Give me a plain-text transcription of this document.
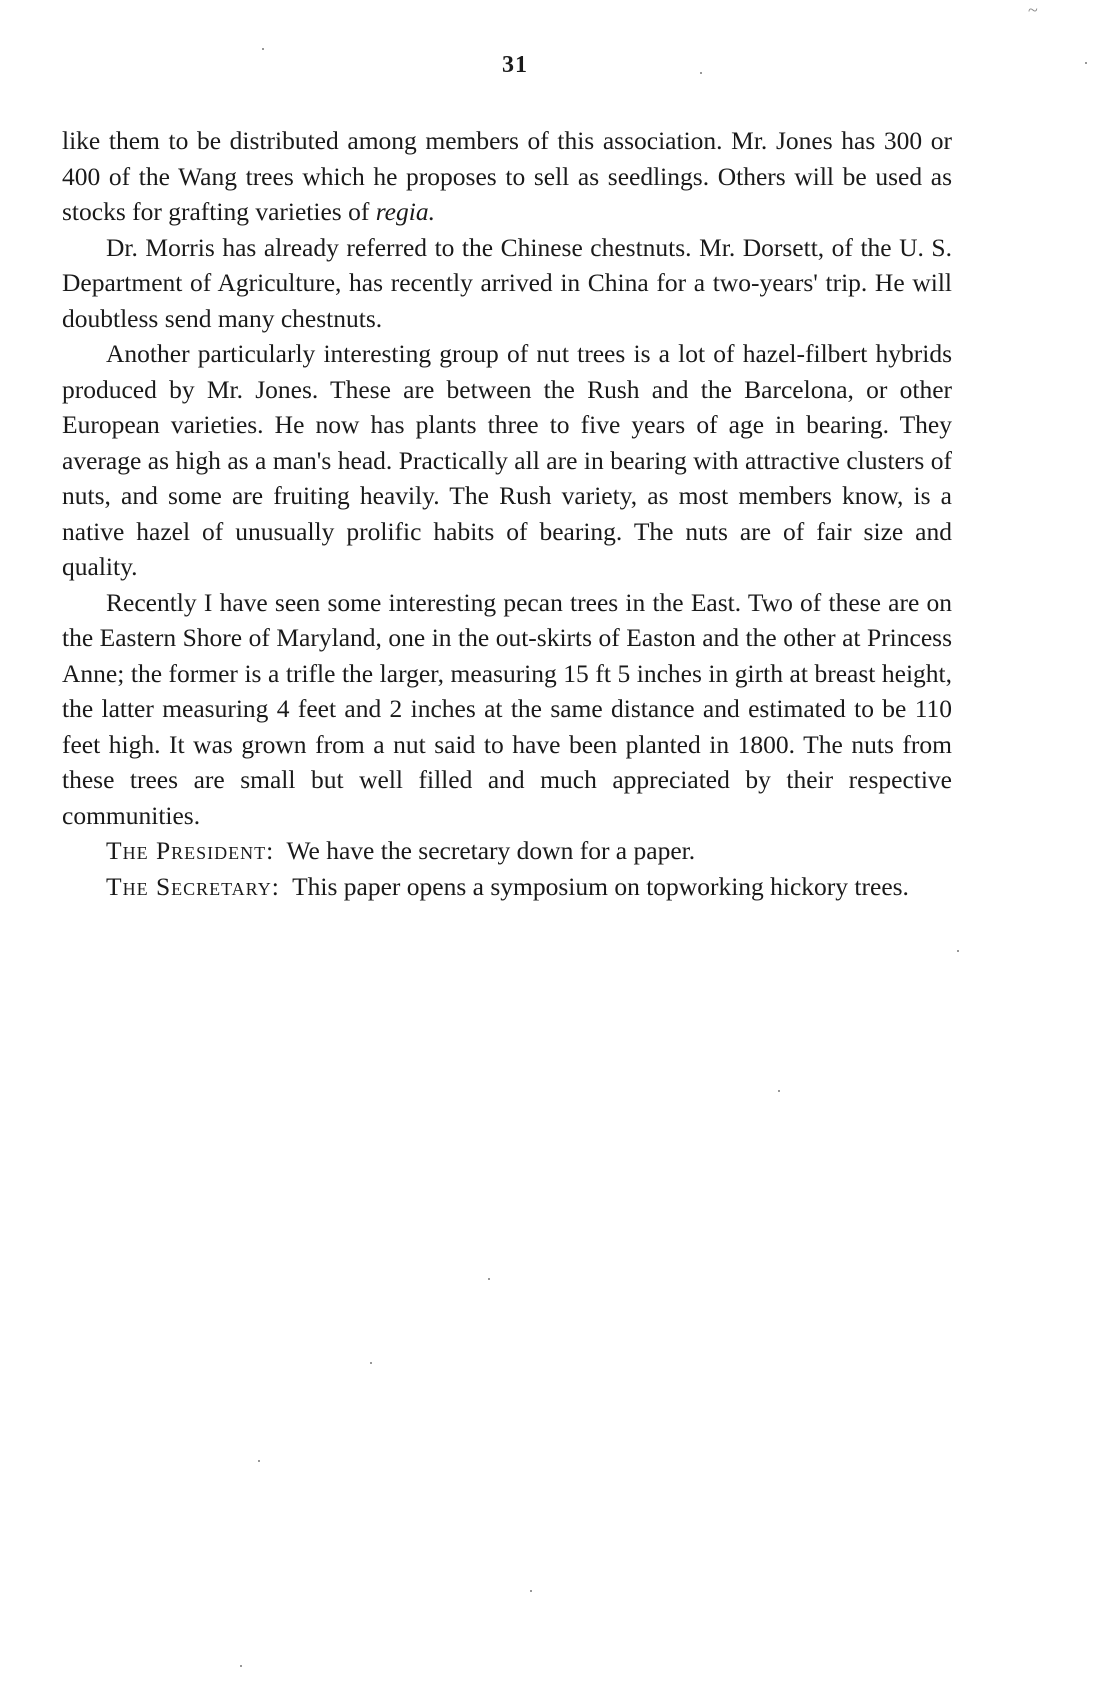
~
31

like them to be distributed among members of this association. Mr. Jones has 300 or 400 of the Wang trees which he proposes to sell as seedlings. Others will be used as stocks for grafting varieties of regia.

Dr. Morris has already referred to the Chinese chestnuts. Mr. Dorsett, of the U. S. Department of Agriculture, has recently arrived in China for a two-years' trip. He will doubtless send many chestnuts.

Another particularly interesting group of nut trees is a lot of hazel-filbert hybrids produced by Mr. Jones. These are between the Rush and the Barcelona, or other European varieties. He now has plants three to five years of age in bearing. They average as high as a man's head. Practically all are in bearing with attractive clusters of nuts, and some are fruiting heavily. The Rush variety, as most members know, is a native hazel of unusually prolific habits of bearing. The nuts are of fair size and quality.

Recently I have seen some interesting pecan trees in the East. Two of these are on the Eastern Shore of Maryland, one in the out-skirts of Easton and the other at Princess Anne; the former is a trifle the larger, measuring 15 ft 5 inches in girth at breast height, the latter measuring 4 feet and 2 inches at the same distance and estimated to be 110 feet high. It was grown from a nut said to have been planted in 1800. The nuts from these trees are small but well filled and much appreciated by their respective communities.

The President: We have the secretary down for a paper.

The Secretary: This paper opens a symposium on topworking hickory trees.
